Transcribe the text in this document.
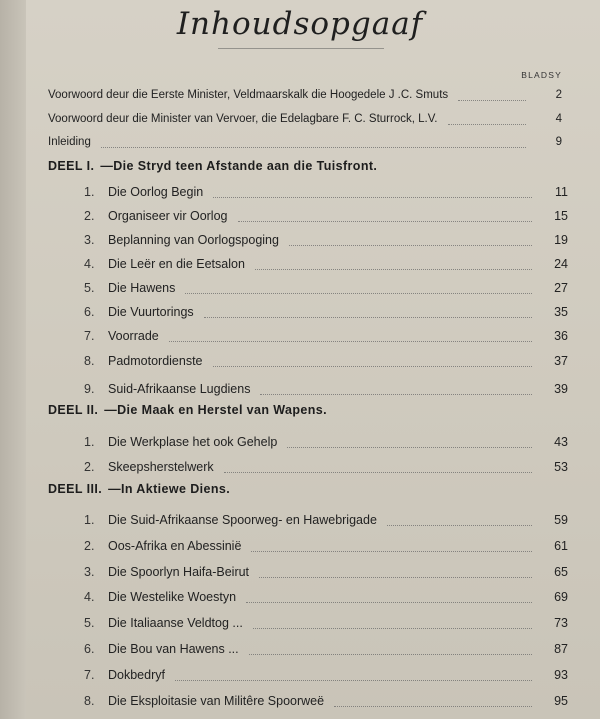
Inhoudsopgaaf
BLADSY
Voorwoord deur die Eerste Minister, Veldmaarskalk die Hoogedele J .C. Smuts	2
Voorwoord deur die Minister van Vervoer, die Edelagbare F. C. Sturrock, L.V.	4
Inleiding	9
DEEL I. —Die Stryd teen Afstande aan die Tuisfront.
1.	Die Oorlog Begin	11
2.	Organiseer vir Oorlog	15
3.	Beplanning van Oorlogspoging	19
4.	Die Leër en die Eetsalon	24
5.	Die Hawens	27
6.	Die Vuurtorings	35
7.	Voorrade	36
8.	Padmotordienste	37
9.	Suid-Afrikaanse Lugdiens	39
DEEL II. —Die Maak en Herstel van Wapens.
1.	Die Werkplase het ook Gehelp	43
2.	Skeepsherstelwerk	53
DEEL III. —In Aktiewe Diens.
1.	Die Suid-Afrikaanse Spoorweg- en Hawebrigade	59
2.	Oos-Afrika en Abessinië	61
3.	Die Spoorlyn Haifa-Beirut	65
4.	Die Westelike Woestyn	69
5.	Die Italiaanse Veldtog ...	73
6.	Die Bou van Hawens ...	87
7.	Dokbedryf	93
8.	Die Eksploitasie van Militêre Spoorweë	95
